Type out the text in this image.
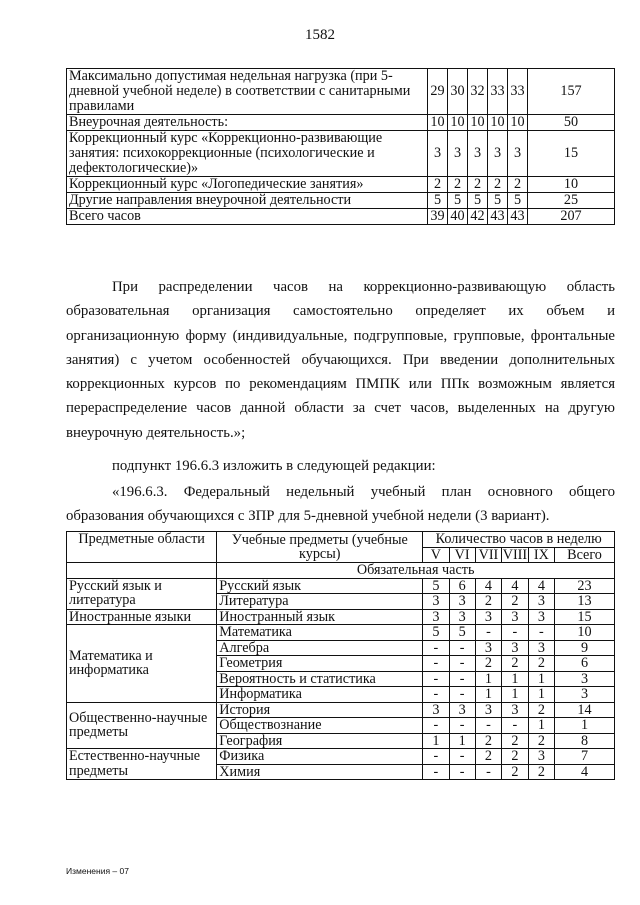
1582
Максимально допустимая недельная нагрузка (при 5-дневной учебной неделе) в соответствии с санитарными правилами	29	30	32	33	33	157
Внеурочная деятельность:	10	10	10	10	10	50
Коррекционный курс «Коррекционно-развивающие занятия: психокоррекционные (психологические и дефектологические)»	3	3	3	3	3	15
Коррекционный курс «Логопедические занятия»	2	2	2	2	2	10
Другие направления внеурочной деятельности	5	5	5	5	5	25
Всего часов	39	40	42	43	43	207

При распределении часов на коррекционно-развивающую область образовательная организация самостоятельно определяет их объем и организационную форму (индивидуальные, подгрупповые, групповые, фронтальные занятия) с учетом особенностей обучающихся. При введении дополнительных коррекционных курсов по рекомендациям ПМПК или ППк возможным является перераспределение часов данной области за счет часов, выделенных на другую внеурочную деятельность.»;

подпункт 196.6.3 изложить в следующей редакции:

«196.6.3. Федеральный недельный учебный план основного общего образования обучающихся с ЗПР для 5-дневной учебной недели (3 вариант).

Предметные области	Учебные предметы (учебные курсы)	Количество часов в неделю					
		V	VI	VII	VIII	IX	Всего
	Обязательная часть						
Русский язык и литература	Русский язык	5	6	4	4	4	23
	Литература	3	3	2	2	3	13
Иностранные языки	Иностранный язык	3	3	3	3	3	15
Математика и информатика	Математика	5	5	-	-	-	10
	Алгебра	-	-	3	3	3	9
	Геометрия	-	-	2	2	2	6
	Вероятность и статистика	-	-	1	1	1	3
	Информатика	-	-	1	1	1	3
Общественно-научные предметы	История	3	3	3	3	2	14
	Обществознание	-	-	-	-	1	1
	География	1	1	2	2	2	8
Естественно-научные предметы	Физика	-	-	2	2	3	7
	Химия	-	-	-	2	2	4
Изменения – 07
